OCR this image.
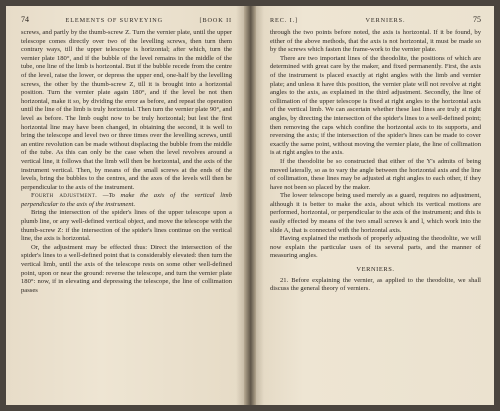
74	ELEMENTS OF SURVEYING	[BOOK II

screws, and partly by the thumb-screw Z. Turn the vernier plate, until the upper telescope comes directly over two of the levelling screws, then turn them contrary ways, till the upper telescope is horizontal; after which, turn the vernier plate 180°, and if the bubble of the level remains in the middle of the tube, one line of the limb is horizontal. But if the bubble recede from the centre of the level, raise the lower, or depress the upper end, one-half by the levelling screws, the other by the thumb-screw Z, till it is brought into a horizontal position. Turn the vernier plate again 180°, and if the level be not then horizontal, make it so, by dividing the error as before, and repeat the operation until the line of the limb is truly horizontal. Then turn the vernier plate 90°, and level as before. The limb ought now to be truly horizontal; but lest the first horizontal line may have been changed, in obtaining the second, it is well to bring the telescope and level two or three times over the levelling screws, until an entire revolution can be made without displacing the bubble from the middle of the tube. As this can only be the case when the level revolves around a vertical line, it follows that the limb will then be horizontal, and the axis of the instrument vertical. Then, by means of the small screws at the ends of the levels, bring the bubbles to the centres, and the axes of the levels will then be perpendicular to the axis of the instrument.

Fourth adjustment. —To make the axis of the vertical limb perpendicular to the axis of the instrument.

Bring the intersection of the spider's lines of the upper telescope upon a plumb line, or any well-defined vertical object, and move the telescope with the thumb-screw Z: if the intersection of the spider's lines continue on the vertical line, the axis is horizontal.

Or, the adjustment may be effected thus: Direct the intersection of the spider's lines to a well-defined point that is considerably elevated: then turn the vertical limb, until the axis of the telescope rests on some other well-defined point, upon or near the ground: reverse the telescope, and turn the vernier plate 180°: now, if in elevating and depressing the telescope, the line of collimation passes

REC. I.]	VERNIERS.	75

through the two points before noted, the axis is horizontal. If it be found, by either of the above methods, that the axis is not horizontal, it must be made so by the screws which fasten the frame-work to the vernier plate.

There are two important lines of the theodolite, the positions of which are determined with great care by the maker, and fixed permanently. First, the axis of the instrument is placed exactly at right angles with the limb and vernier plate; and unless it have this position, the vernier plate will not revolve at right angles to the axis, as explained in the third adjustment. Secondly, the line of collimation of the upper telescope is fixed at right angles to the horizontal axis of the vertical limb. We can ascertain whether these last lines are truly at right angles, by directing the intersection of the spider's lines to a well-defined point; then removing the caps which confine the horizontal axis to its supports, and reversing the axis; if the intersection of the spider's lines can be made to cover exactly the same point, without moving the vernier plate, the line of collimation is at right angles to the axis.

If the theodolite be so constructed that either of the Y's admits of being moved laterally, so as to vary the angle between the horizontal axis and the line of collimation, these lines may be adjusted at right angles to each other, if they have not been so placed by the maker.

The lower telescope being used merely as a guard, requires no adjustment, although it is better to make the axis, about which its vertical motions are performed, horizontal, or perpendicular to the axis of the instrument; and this is easily effected by means of the two small screws k and l, which work into the slide A, that is connected with the horizontal axis.

Having explained the methods of properly adjusting the theodolite, we will now explain the particular uses of its several parts, and the manner of measuring angles.

VERNIERS.

21. Before explaining the vernier, as applied to the theodolite, we shall discuss the general theory of verniers.
